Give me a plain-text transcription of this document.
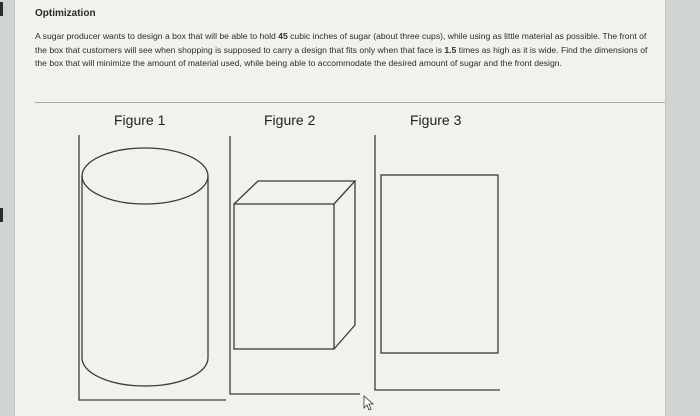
Optimization
A sugar producer wants to design a box that will be able to hold 45 cubic inches of sugar (about three cups), while using as little material as possible. The front of the box that customers will see when shopping is supposed to carry a design that fits only when that face is 1.5 times as high as it is wide. Find the dimensions of the box that will minimize the amount of material used, while being able to accommodate the desired amount of sugar and the front design.
Figure 1	Figure 2	Figure 3
